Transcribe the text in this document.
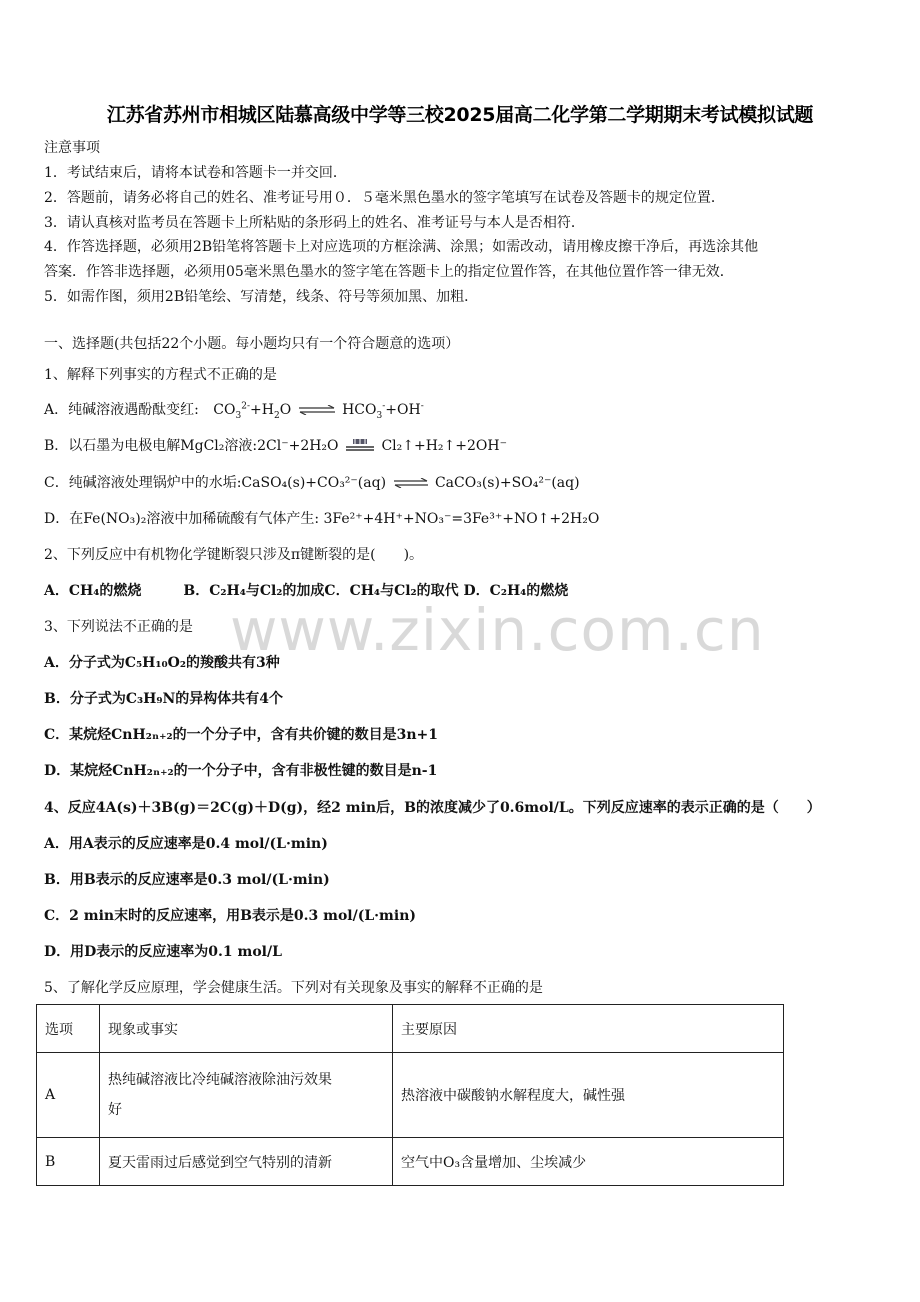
江苏省苏州市相城区陆慕高级中学等三校2025届高二化学第二学期期末考试模拟试题
注意事项
1．考试结束后，请将本试卷和答题卡一并交回．
2．答题前，请务必将自己的姓名、准考证号用０．５毫米黑色墨水的签字笔填写在试卷及答题卡的规定位置．
3．请认真核对监考员在答题卡上所粘贴的条形码上的姓名、准考证号与本人是否相符．
4．作答选择题，必须用2B铅笔将答题卡上对应选项的方框涂满、涂黑；如需改动，请用橡皮擦干净后，再选涂其他
答案．作答非选择题，必须用05毫米黑色墨水的签字笔在答题卡上的指定位置作答，在其他位置作答一律无效．
5．如需作图，须用2B铅笔绘、写清楚，线条、符号等须加黑、加粗．
一、选择题(共包括22个小题。每小题均只有一个符合题意的选项）
1、解释下列事实的方程式不正确的是
A．纯碱溶液遇酚酞变红: $CO_3^{2-}+H_2O$ ⇌ $HCO_3^-+OH^-$
B．以石墨为电极电解MgCl₂溶液:2Cl⁻+2H₂O	Cl₂↑+H₂↑+2OH⁻
C．纯碱溶液处理锅炉中的水垢:CaSO₄(s)+CO₃²⁻(aq) ⇌ CaCO₃(s)+SO₄²⁻(aq)
D．在Fe(NO₃)₂溶液中加稀硫酸有气体产生: 3Fe²⁺+4H⁺+NO₃⁻=3Fe³⁺+NO↑+2H₂O
2、下列反应中有机物化学键断裂只涉及π键断裂的是(　　)。
A．CH₄的燃烧　　　B．C₂H₄与Cl₂的加成C．CH₄与Cl₂的取代 D．C₂H₄的燃烧
www.zixin.com.cn
3、下列说法不正确的是
A．分子式为C₅H₁₀O₂的羧酸共有3种
B．分子式为C₃H₉N的异构体共有4个
C．某烷烃CnH₂ₙ₊₂的一个分子中，含有共价键的数目是3n+1
D．某烷烃CnH₂ₙ₊₂的一个分子中，含有非极性键的数目是n-1
4、反应4A(s)＋3B(g)＝2C(g)＋D(g)，经2 min后，B的浓度减少了0.6mol/L。下列反应速率的表示正确的是（　　）
A．用A表示的反应速率是0.4 mol/(L·min)
B．用B表示的反应速率是0.3 mol/(L·min)
C．2 min末时的反应速率，用B表示是0.3 mol/(L·min)
D．用D表示的反应速率为0.1 mol/L
5、了解化学反应原理，学会健康生活。下列对有关现象及事实的解释不正确的是
选项	现象或事实	主要原因
A	热纯碱溶液比冷纯碱溶液除油污效果
好	热溶液中碳酸钠水解程度大，碱性强
B	夏天雷雨过后感觉到空气特别的清新	空气中O₃含量增加、尘埃减少
